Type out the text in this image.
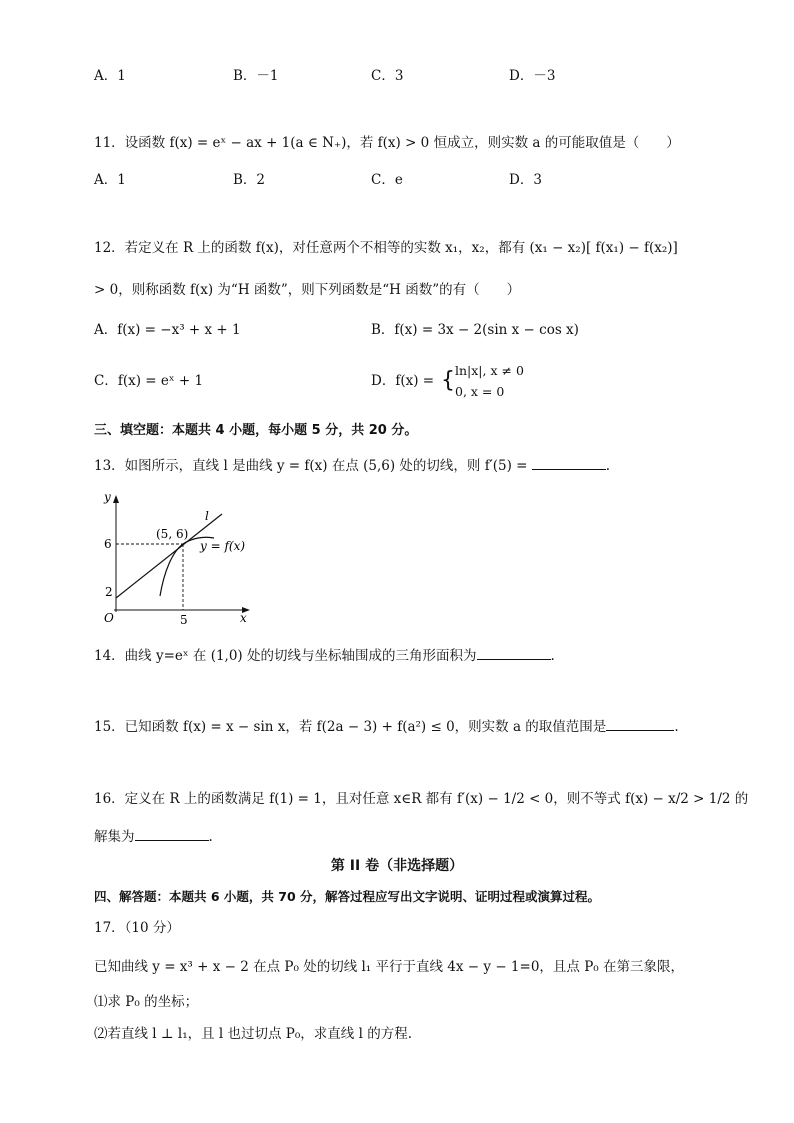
A．1	B．－1	C．3	D．－3
11．设函数 f(x) = eˣ − ax + 1(a ∈ N₊)，若 f(x) > 0 恒成立，则实数 a 的可能取值是（　　）
A．1	B．2	C．e	D．3
12．若定义在 R 上的函数 f(x)，对任意两个不相等的实数 x₁，x₂，都有 (x₁ − x₂)[ f(x₁) − f(x₂)]
> 0，则称函数 f(x) 为“H 函数”，则下列函数是“H 函数”的有（　　）
A．f(x) = −x³ + x + 1	B．f(x) = 3x − 2(sin x − cos x)
C．f(x) = eˣ + 1	D．f(x) = { ln|x|, x ≠ 0
0, x = 0
三、填空题：本题共 4 小题，每小题 5 分，共 20 分。
13．如图所示，直线 l 是曲线 y = f(x) 在点 (5,6) 处的切线，则 f′(5) =	.
y
x
O
6
2
5
(5, 6)
l
y = f(x)
14．曲线 y=eˣ 在 (1,0) 处的切线与坐标轴围成的三角形面积为	.
15．已知函数 f(x) = x − sin x，若 f(2a − 3) + f(a²) ≤ 0，则实数 a 的取值范围是	.
16．定义在 R 上的函数满足 f(1) = 1，且对任意 x∈R 都有 f′(x) − 1/2 < 0，则不等式 f(x) − x/2 > 1/2 的
解集为	.
第 II 卷（非选择题）
四、解答题：本题共 6 小题，共 70 分，解答过程应写出文字说明、证明过程或演算过程。
17．（10 分）
已知曲线 y = x³ + x − 2 在点 P₀ 处的切线 l₁ 平行于直线 4x − y − 1=0，且点 P₀ 在第三象限，
⑴求 P₀ 的坐标；
⑵若直线 l ⊥ l₁，且 l 也过切点 P₀，求直线 l 的方程.
